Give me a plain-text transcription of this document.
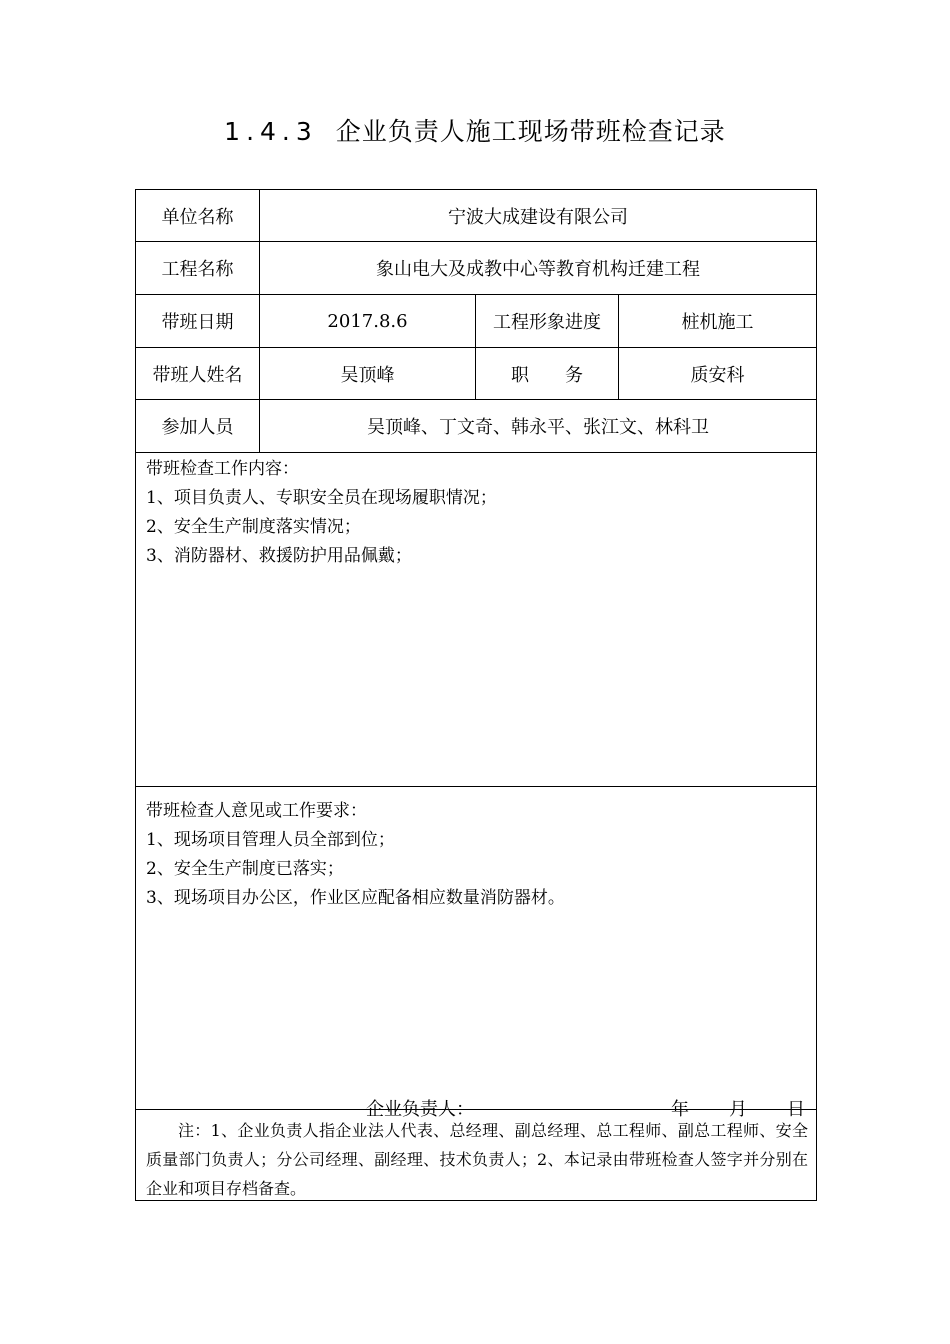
1.4.3 企业负责人施工现场带班检查记录
单位名称	宁波大成建设有限公司
工程名称	象山电大及成教中心等教育机构迁建工程
带班日期	2017.8.6	工程形象进度	桩机施工
带班人姓名	吴顶峰	职　　务	质安科
参加人员	吴顶峰、丁文奇、韩永平、张江文、林科卫

带班检查工作内容：

1、项目负责人、专职安全员在现场履职情况；

2、安全生产制度落实情况；

3、消防器材、救援防护用品佩戴；

带班检查人意见或工作要求：

1、现场项目管理人员全部到位；

2、安全生产制度已落实；

3、现场项目办公区，作业区应配备相应数量消防器材。

企业负责人：	年 月 日
注：1、企业负责人指企业法人代表、总经理、副总经理、总工程师、副总工程师、安全质量部门负责人；分公司经理、副经理、技术负责人；2、本记录由带班检查人签字并分别在企业和项目存档备查。
